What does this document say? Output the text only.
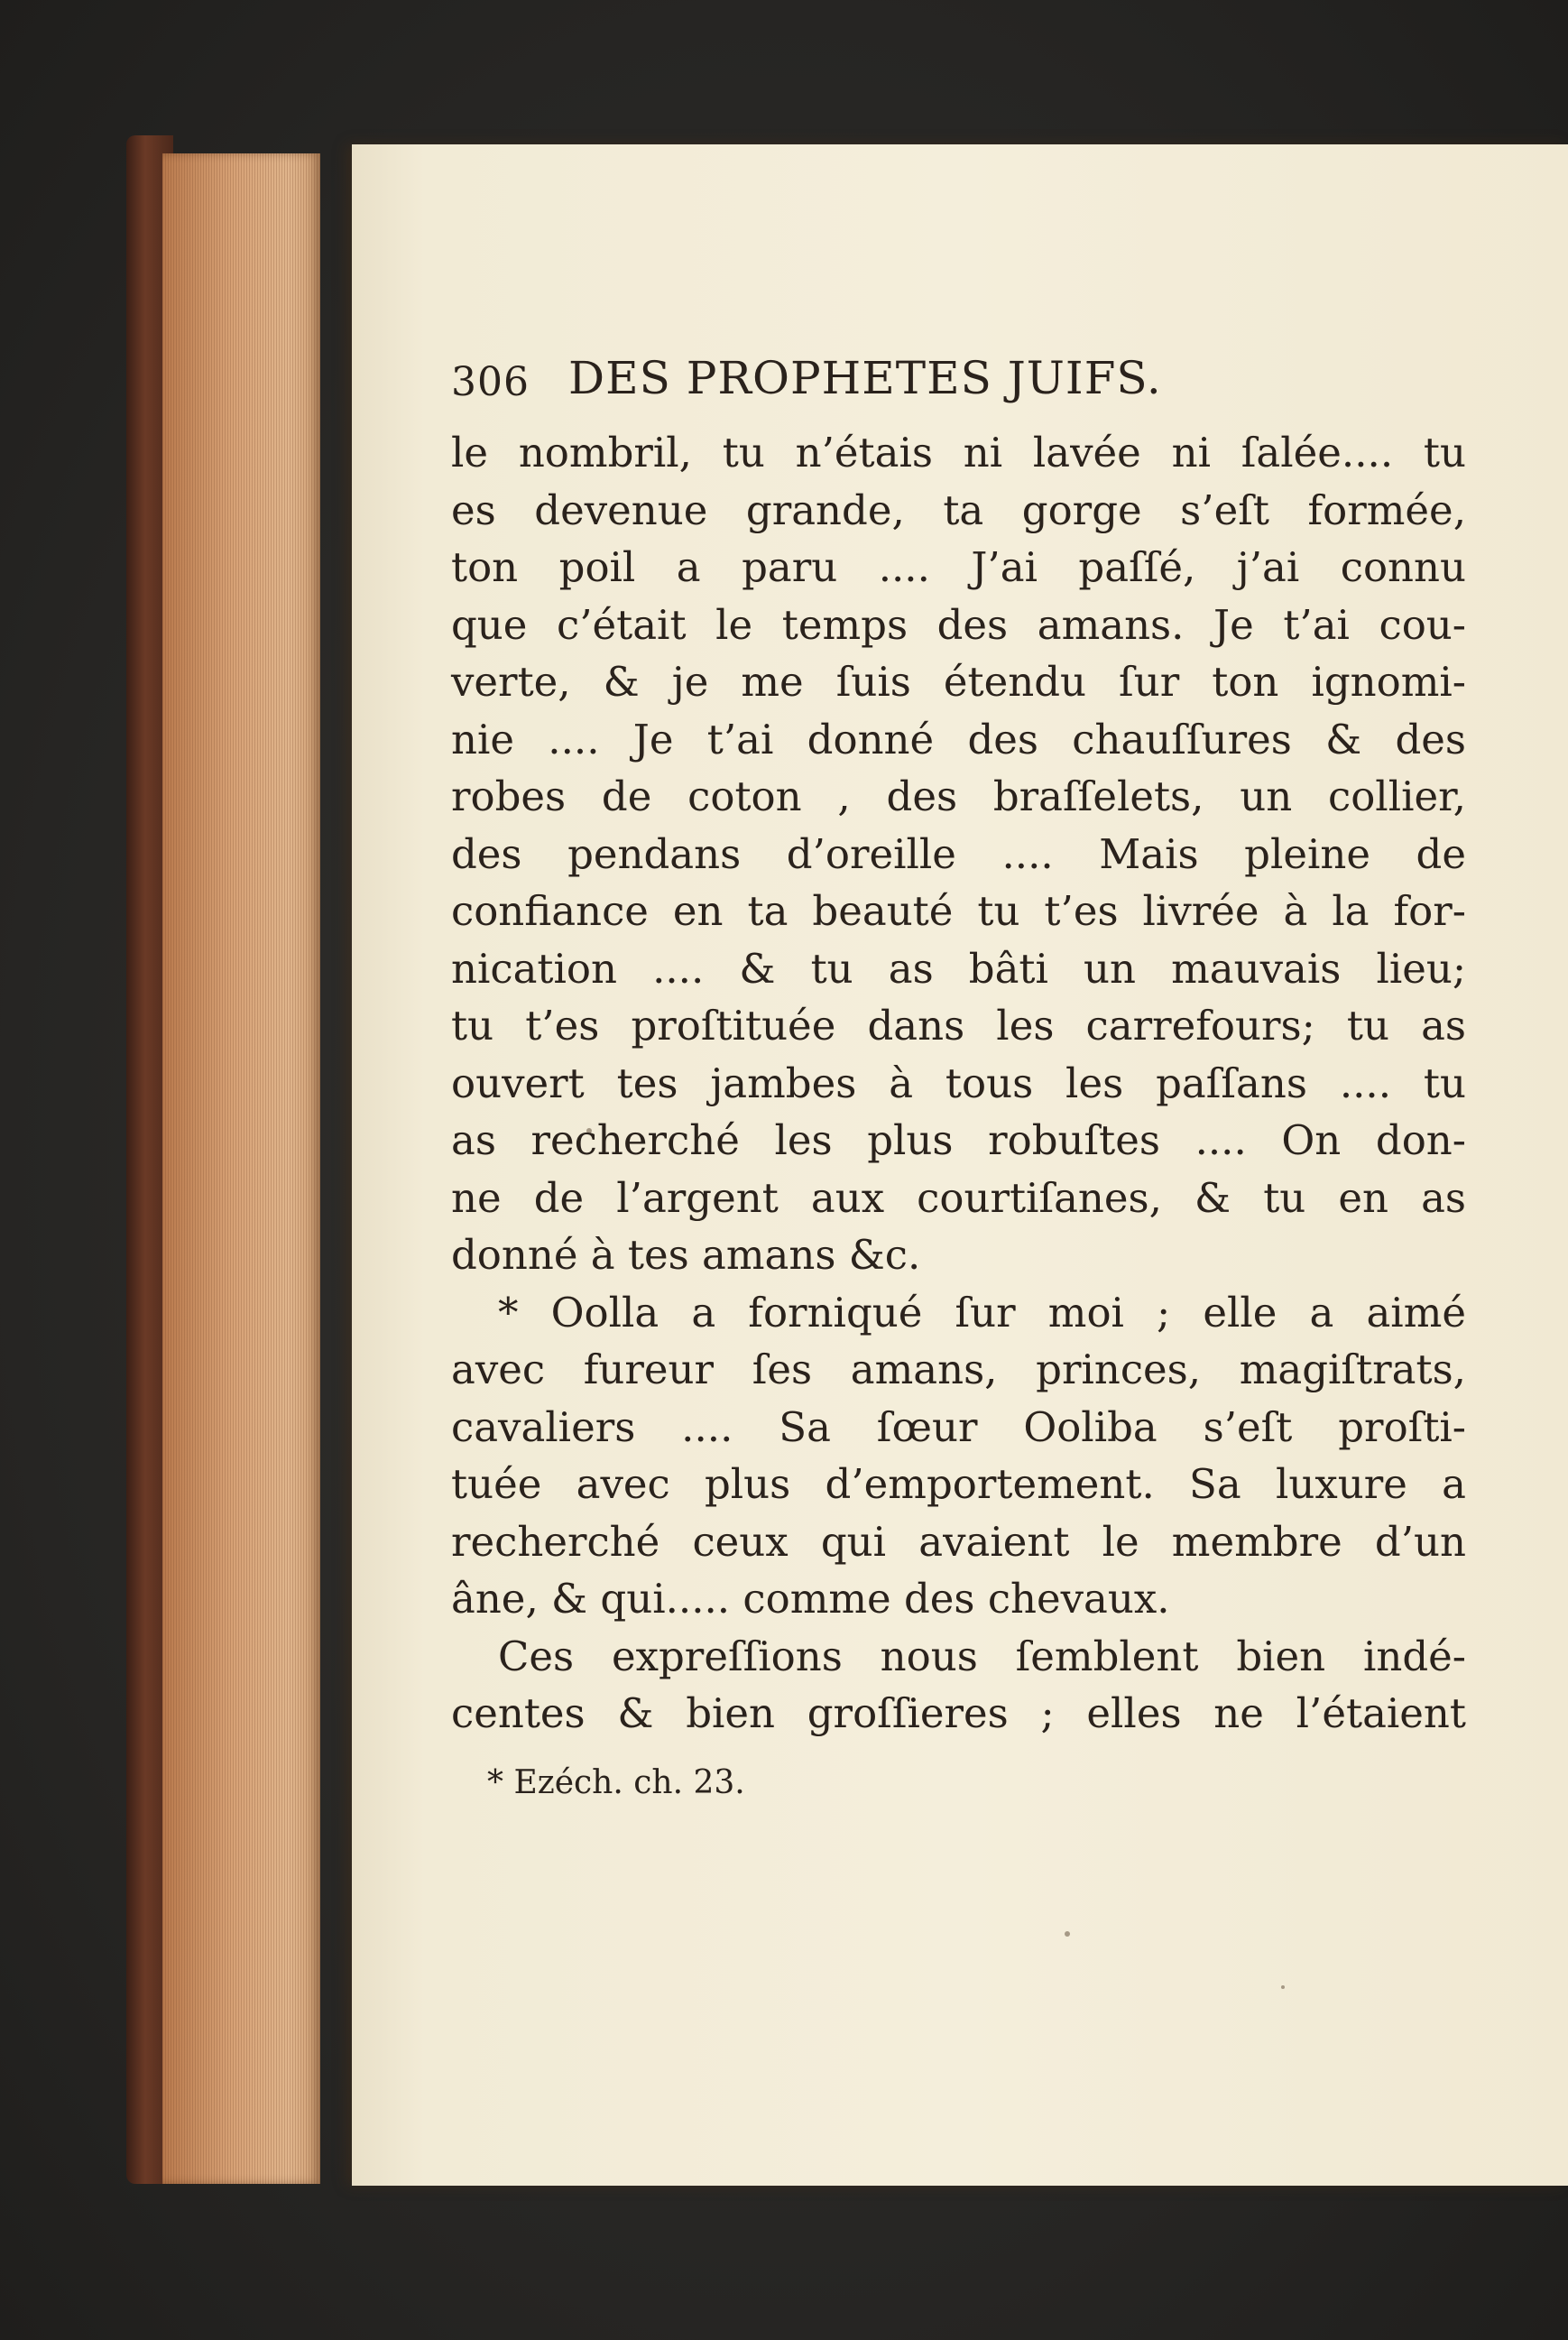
306 DES PROPHETES JUIFS.
le nombril, tu n’étais ni lavée ni ſalée.... tu
es devenue grande, ta gorge s’eſt formée,
ton poil a paru .... J’ai paſſé, j’ai connu
que c’était le temps des amans. Je t’ai cou-
verte, & je me ſuis étendu ſur ton ignomi-
nie .... Je t’ai donné des chauſſures & des
robes de coton , des braſſelets, un collier,
des pendans d’oreille .... Mais pleine de
confiance en ta beauté tu t’es livrée à la for-
nication .... & tu as bâti un mauvais lieu;
tu t’es proſtituée dans les carrefours; tu as
ouvert tes jambes à tous les paſſans .... tu
as recherché les plus robuſtes .... On don-
ne de l’argent aux courtiſanes, & tu en as
donné à tes amans &c.
* Oolla a forniqué ſur moi ; elle a aimé
avec fureur ſes amans, princes, magiſtrats,
cavaliers .... Sa ſœur Ooliba s’eſt proſti-
tuée avec plus d’emportement. Sa luxure a
recherché ceux qui avaient le membre d’un
âne, & qui..... comme des chevaux.
Ces expreſſions nous ſemblent bien indé-
centes & bien groſſieres ; elles ne l’étaient
* Ezéch. ch. 23.
